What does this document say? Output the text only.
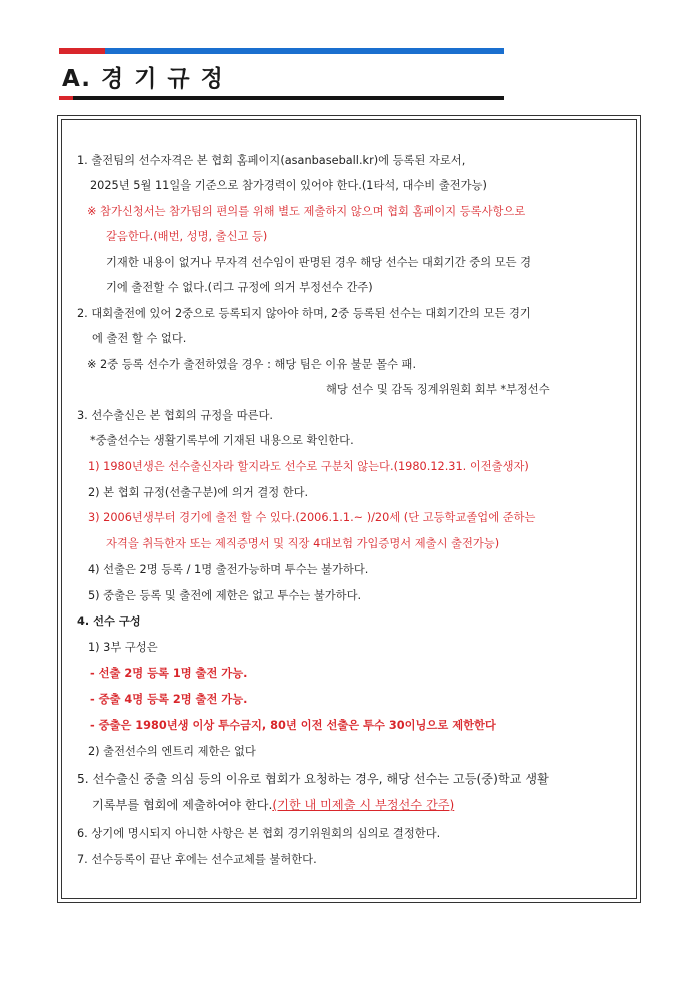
A. 경 기 규 정
1. 출전팀의 선수자격은 본 협회 홈페이지(asanbaseball.kr)에 등록된 자로서,
2025년 5월 11일을 기준으로 참가경력이 있어야 한다.(1타석, 대수비 출전가능)
※ 참가신청서는 참가팀의 편의를 위해 별도 제출하지 않으며 협회 홈페이지 등록사항으로
갈음한다.(배번, 성명, 출신고 등)
기재한 내용이 없거나 무자격 선수임이 판명된 경우 해당 선수는 대회기간 중의 모든 경
기에 출전할 수 없다.(리그 규정에 의거 부정선수 간주)
2. 대회출전에 있어 2중으로 등록되지 않아야 하며, 2중 등록된 선수는 대회기간의 모든 경기
에 출전 할 수 없다.
※ 2중 등록 선수가 출전하였을 경우 : 해당 팀은 이유 불문 몰수 패.
해당 선수 및 감독 징계위원회 회부 *부정선수
3. 선수출신은 본 협회의 규정을 따른다.
*중출선수는 생활기록부에 기재된 내용으로 확인한다.
1) 1980년생은 선수출신자라 할지라도 선수로 구분치 않는다.(1980.12.31. 이전출생자)
2) 본 협회 규정(선출구분)에 의거 결정 한다.
3) 2006년생부터 경기에 출전 할 수 있다.(2006.1.1.~ )/20세 (단 고등학교졸업에 준하는
자격을 취득한자 또는 제직증명서 및 직장 4대보험 가입증명서 제출시 출전가능)
4) 선출은 2명 등록 / 1명 출전가능하며 투수는 불가하다.
5) 중출은 등록 및 출전에 제한은 없고 투수는 불가하다.
4. 선수 구성
1) 3부 구성은
- 선출 2명 등록 1명 출전 가능.
- 중출 4명 등록 2명 출전 가능.
- 중출은 1980년생 이상 투수금지, 80년 이전 선출은 투수 30이닝으로 제한한다
2) 출전선수의 엔트리 제한은 없다
5. 선수출신 중출 의심 등의 이유로 협회가 요청하는 경우, 해당 선수는 고등(중)학교 생활
기록부를 협회에 제출하여야 한다.(기한 내 미제출 시 부정선수 간주)
6. 상기에 명시되지 아니한 사항은 본 협회 경기위원회의 심의로 결정한다.
7. 선수등록이 끝난 후에는 선수교체를 불허한다.
